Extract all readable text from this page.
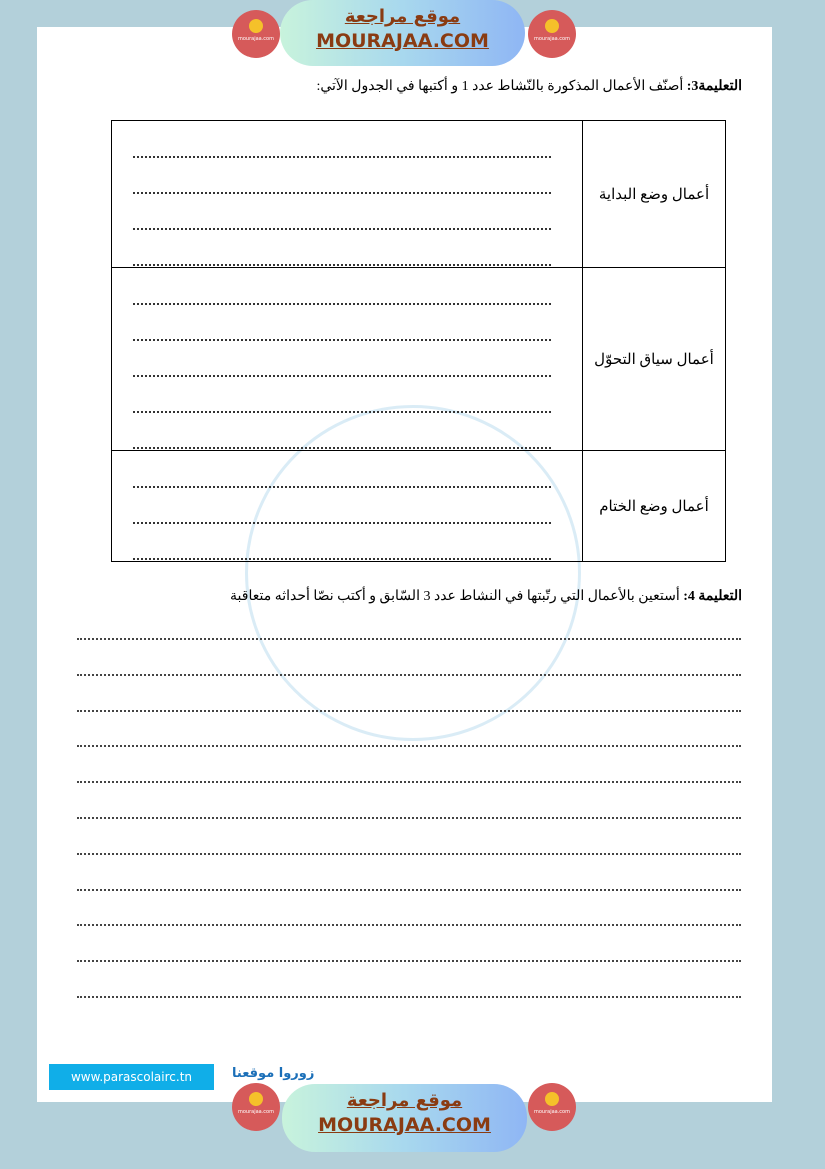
mourajaa.com
موقع مراجعة
MOURAJAA.COM	mourajaa.com
التعليمة3: أصنّف الأعمال المذكورة بالنّشاط عدد 1 و أكتبها في الجدول الآتي:
	أعمال وضع البداية

	أعمال سياق التحوّل

	أعمال وضع الختام
التعليمة 4: أستعين بالأعمال التي رتّبتها في النشاط عدد 3 السّابق و أكتب نصّا أحداثه متعاقبة
www.parascolairc.tn	زوروا موقعنا
mourajaa.com
موقع مراجعة
MOURAJAA.COM
mourajaa.com
